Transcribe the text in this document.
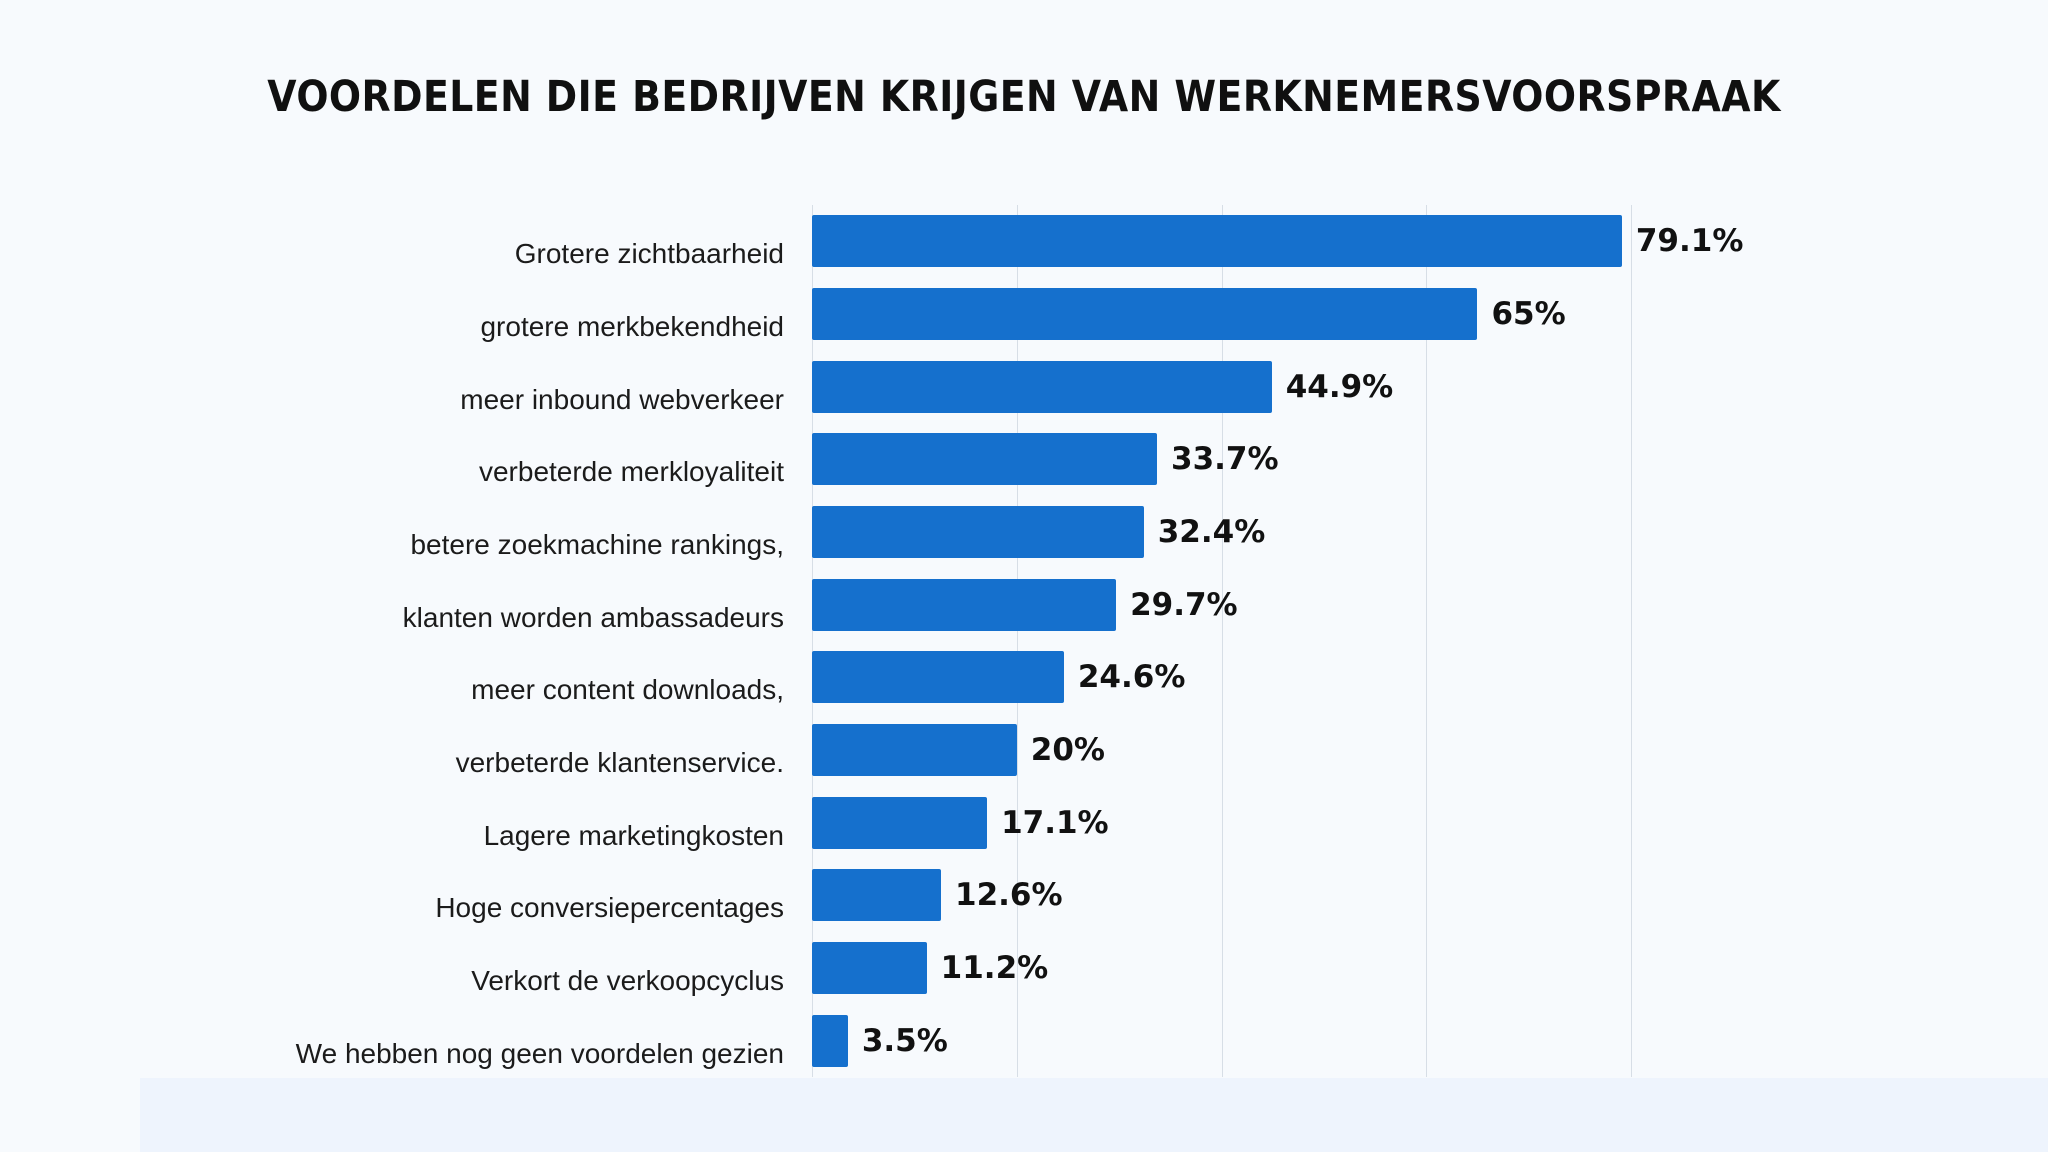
VOORDELEN DIE BEDRIJVEN KRIJGEN VAN WERKNEMERSVOORSPRAAK
79.1%
65%
44.9%
33.7%
32.4%
29.7%
24.6%
20%
17.1%
12.6%
11.2%
3.5%
Grotere zichtbaarheid
grotere merkbekendheid
meer inbound webverkeer
verbeterde merkloyaliteit
betere zoekmachine rankings,
klanten worden ambassadeurs
meer content downloads,
verbeterde klantenservice.
Lagere marketingkosten
Hoge conversiepercentages
Verkort de verkoopcyclus
We hebben nog geen voordelen gezien
